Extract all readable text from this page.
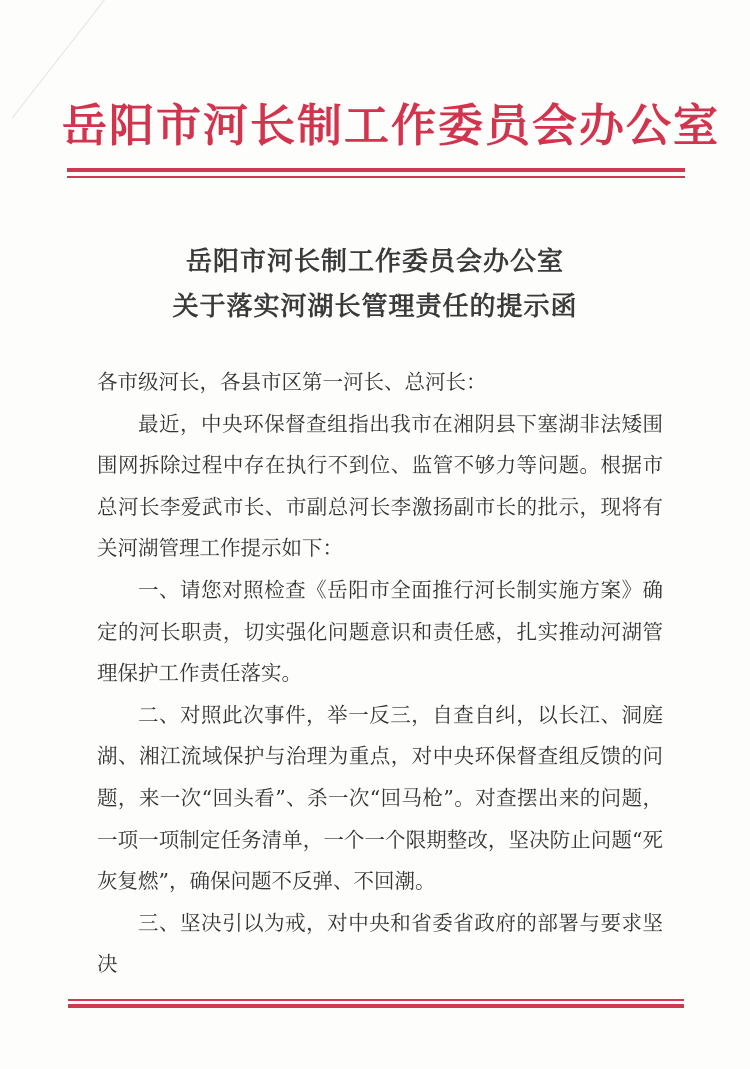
岳阳市河长制工作委员会办公室
岳阳市河长制工作委员会办公室
关于落实河湖长管理责任的提示函

各市级河长，各县市区第一河长、总河长：

最近，中央环保督查组指出我市在湘阴县下塞湖非法矮围围网拆除过程中存在执行不到位、监管不够力等问题。根据市总河长李爱武市长、市副总河长李激扬副市长的批示，现将有关河湖管理工作提示如下：

一、请您对照检查《岳阳市全面推行河长制实施方案》确定的河长职责，切实强化问题意识和责任感，扎实推动河湖管理保护工作责任落实。

二、对照此次事件，举一反三，自查自纠，以长江、洞庭湖、湘江流域保护与治理为重点，对中央环保督查组反馈的问题，来一次“回头看”、杀一次“回马枪”。对查摆出来的问题，一项一项制定任务清单，一个一个限期整改，坚决防止问题“死灰复燃”，确保问题不反弹、不回潮。

三、坚决引以为戒，对中央和省委省政府的部署与要求坚决
